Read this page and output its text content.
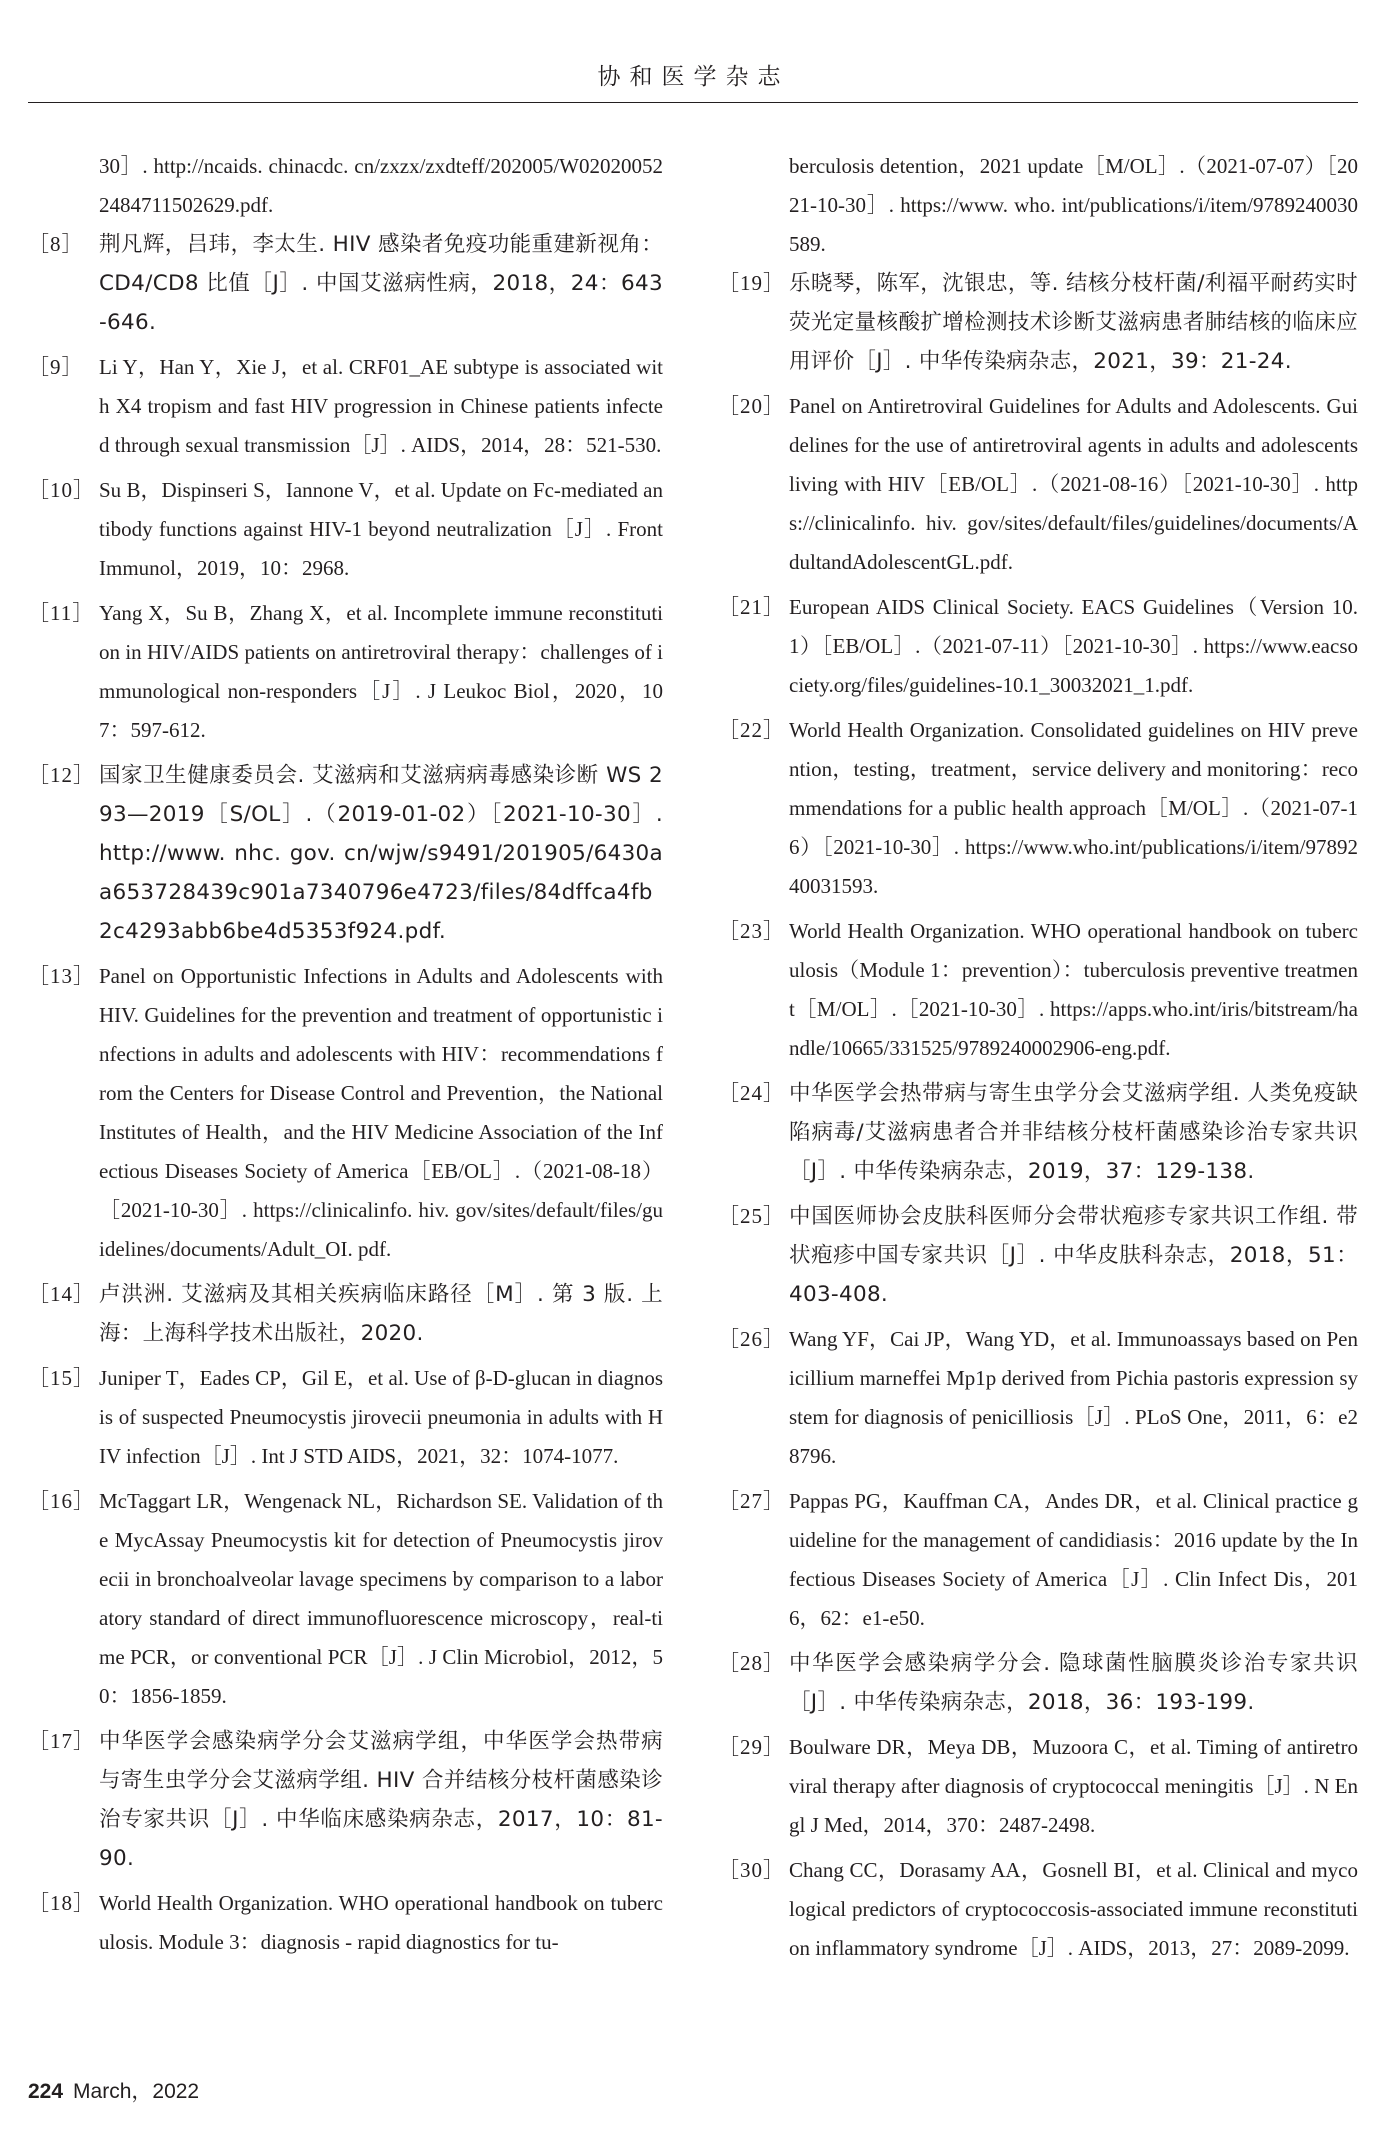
协和医学杂志
30］. http://ncaids. chinacdc. cn/zxzx/zxdteff/202005/W020200522484711502629.pdf.
［8］ 荆凡辉，吕玮，李太生. HIV 感染者免疫功能重建新视角：CD4/CD8 比值［J］. 中国艾滋病性病，2018，24：643-646.
［9］ Li Y，Han Y，Xie J，et al. CRF01_AE subtype is associated with X4 tropism and fast HIV progression in Chinese patients infected through sexual transmission［J］. AIDS，2014，28：521-530.
［10］ Su B，Dispinseri S，Iannone V，et al. Update on Fc-mediated antibody functions against HIV-1 beyond neutralization［J］. Front Immunol，2019，10：2968.
［11］ Yang X，Su B，Zhang X，et al. Incomplete immune reconstitution in HIV/AIDS patients on antiretroviral therapy：challenges of immunological non-responders［J］. J Leukoc Biol，2020，107：597-612.
［12］ 国家卫生健康委员会. 艾滋病和艾滋病病毒感染诊断 WS 293—2019［S/OL］.（2019-01-02）［2021-10-30］. http://www. nhc. gov. cn/wjw/s9491/201905/6430aa653728439c901a7340796e4723/files/84dffca4fb2c4293abb6be4d5353f924.pdf.
［13］ Panel on Opportunistic Infections in Adults and Adolescents with HIV. Guidelines for the prevention and treatment of opportunistic infections in adults and adolescents with HIV：recommendations from the Centers for Disease Control and Prevention，the National Institutes of Health，and the HIV Medicine Association of the Infectious Diseases Society of America［EB/OL］.（2021-08-18）［2021-10-30］. https://clinicalinfo. hiv. gov/sites/default/files/guidelines/documents/Adult_OI. pdf.
［14］ 卢洪洲. 艾滋病及其相关疾病临床路径［M］. 第 3 版. 上海：上海科学技术出版社，2020.
［15］ Juniper T，Eades CP，Gil E，et al. Use of β-D-glucan in diagnosis of suspected Pneumocystis jirovecii pneumonia in adults with HIV infection［J］. Int J STD AIDS，2021，32：1074-1077.
［16］ McTaggart LR，Wengenack NL，Richardson SE. Validation of the MycAssay Pneumocystis kit for detection of Pneumocystis jirovecii in bronchoalveolar lavage specimens by comparison to a laboratory standard of direct immunofluorescence microscopy，real-time PCR，or conventional PCR［J］. J Clin Microbiol，2012，50：1856-1859.
［17］ 中华医学会感染病学分会艾滋病学组，中华医学会热带病与寄生虫学分会艾滋病学组. HIV 合并结核分枝杆菌感染诊治专家共识［J］. 中华临床感染病杂志，2017，10：81-90.
［18］ World Health Organization. WHO operational handbook on tuberculosis. Module 3：diagnosis - rapid diagnostics for tu-
berculosis detention，2021 update［M/OL］.（2021-07-07）［2021-10-30］. https://www. who. int/publications/i/item/9789240030589.
［19］ 乐晓琴，陈军，沈银忠，等. 结核分枝杆菌/利福平耐药实时荧光定量核酸扩增检测技术诊断艾滋病患者肺结核的临床应用评价［J］. 中华传染病杂志，2021，39：21-24.
［20］ Panel on Antiretroviral Guidelines for Adults and Adolescents. Guidelines for the use of antiretroviral agents in adults and adolescents living with HIV［EB/OL］.（2021-08-16）［2021-10-30］. https://clinicalinfo. hiv. gov/sites/default/files/guidelines/documents/AdultandAdolescentGL.pdf.
［21］ European AIDS Clinical Society. EACS Guidelines（Version 10. 1）［EB/OL］.（2021-07-11）［2021-10-30］. https://www.eacsociety.org/files/guidelines-10.1_30032021_1.pdf.
［22］ World Health Organization. Consolidated guidelines on HIV prevention，testing，treatment，service delivery and monitoring：recommendations for a public health approach［M/OL］.（2021-07-16）［2021-10-30］. https://www.who.int/publications/i/item/9789240031593.
［23］ World Health Organization. WHO operational handbook on tuberculosis（Module 1：prevention）：tuberculosis preventive treatment［M/OL］.［2021-10-30］. https://apps.who.int/iris/bitstream/handle/10665/331525/9789240002906-eng.pdf.
［24］ 中华医学会热带病与寄生虫学分会艾滋病学组. 人类免疫缺陷病毒/艾滋病患者合并非结核分枝杆菌感染诊治专家共识［J］. 中华传染病杂志，2019，37：129-138.
［25］ 中国医师协会皮肤科医师分会带状疱疹专家共识工作组. 带状疱疹中国专家共识［J］. 中华皮肤科杂志，2018，51：403-408.
［26］ Wang YF，Cai JP，Wang YD，et al. Immunoassays based on Penicillium marneffei Mp1p derived from Pichia pastoris expression system for diagnosis of penicilliosis［J］. PLoS One，2011，6：e28796.
［27］ Pappas PG，Kauffman CA，Andes DR，et al. Clinical practice guideline for the management of candidiasis：2016 update by the Infectious Diseases Society of America［J］. Clin Infect Dis，2016，62：e1-e50.
［28］ 中华医学会感染病学分会. 隐球菌性脑膜炎诊治专家共识［J］. 中华传染病杂志，2018，36：193-199.
［29］ Boulware DR，Meya DB，Muzoora C，et al. Timing of antiretroviral therapy after diagnosis of cryptococcal meningitis［J］. N Engl J Med，2014，370：2487-2498.
［30］ Chang CC，Dorasamy AA，Gosnell BI，et al. Clinical and mycological predictors of cryptococcosis-associated immune reconstitution inflammatory syndrome［J］. AIDS，2013，27：2089-2099.
224 March，2022
